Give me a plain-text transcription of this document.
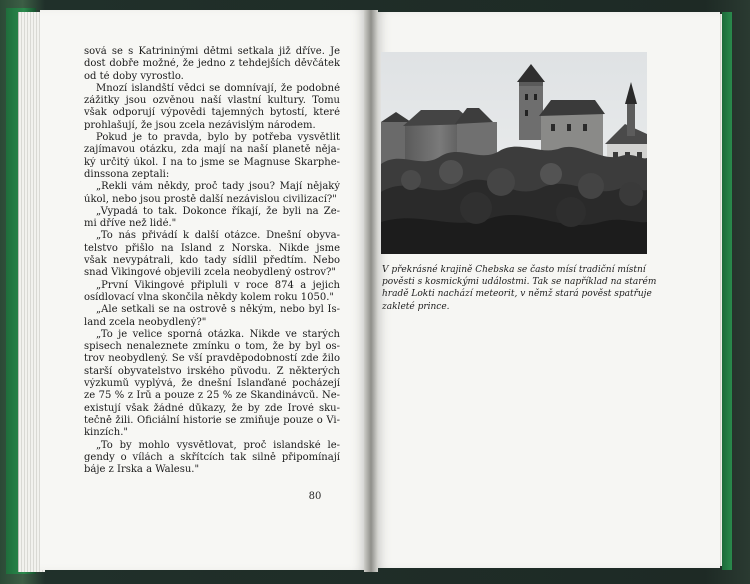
sová se s Katrininými dětmi setkala již dříve. Je
dost dobře možné, že jedno z tehdejších děvčátek
od té doby vyrostlo.
Mnozí islandští vědci se domnívají, že podobné
zážitky jsou ozvěnou naší vlastní kultury. Tomu
však odporují výpovědi tajemných bytostí, které
prohlašují, že jsou zcela nezávislým národem.
Pokud je to pravda, bylo by potřeba vysvětlit
zajímavou otázku, zda mají na naší planetě něja-
ký určitý úkol. I na to jsme se Magnuse Skarphe-
dinssona zeptali:
„Řekli vám někdy, proč tady jsou? Mají nějaký
úkol, nebo jsou prostě další nezávislou civilizací?"
„Vypadá to tak. Dokonce říkají, že byli na Ze-
mi dříve než lidé."
„To nás přivádí k další otázce. Dnešní obyva-
telstvo přišlo na Island z Norska. Nikde jsme
však nevypátrali, kdo tady sídlil předtím. Nebo
snad Vikingové objevili zcela neobydlený ostrov?"
„První Vikingové připluli v roce 874 a jejich
osídlovací vlna skončila někdy kolem roku 1050."
„Ale setkali se na ostrově s někým, nebo byl Is-
land zcela neobydlený?"
„To je velice sporná otázka. Nikde ve starých
spisech nenaleznete zmínku o tom, že by byl os-
trov neobydlený. Se vší pravděpodobností zde žilo
starší obyvatelstvo irského původu. Z některých
výzkumů vyplývá, že dnešní Islanďané pocházejí
ze 75 % z Irů a pouze z 25 % ze Skandinávců. Ne-
existují však žádné důkazy, že by zde Irové sku-
tečně žili. Oficiální historie se zmiňuje pouze o Vi-
kinzích."
„To by mohlo vysvětlovat, proč islandské le-
gendy o vílách a skřítcích tak silně připomínají
báje z Irska a Walesu."
80
V překrásné krajině Chebska se často mísí tradiční místní
pověsti s kosmickými událostmi. Tak se například na starém
hradě Lokti nachází meteorit, v němž stará pověst spatřuje
zakleté prince.
